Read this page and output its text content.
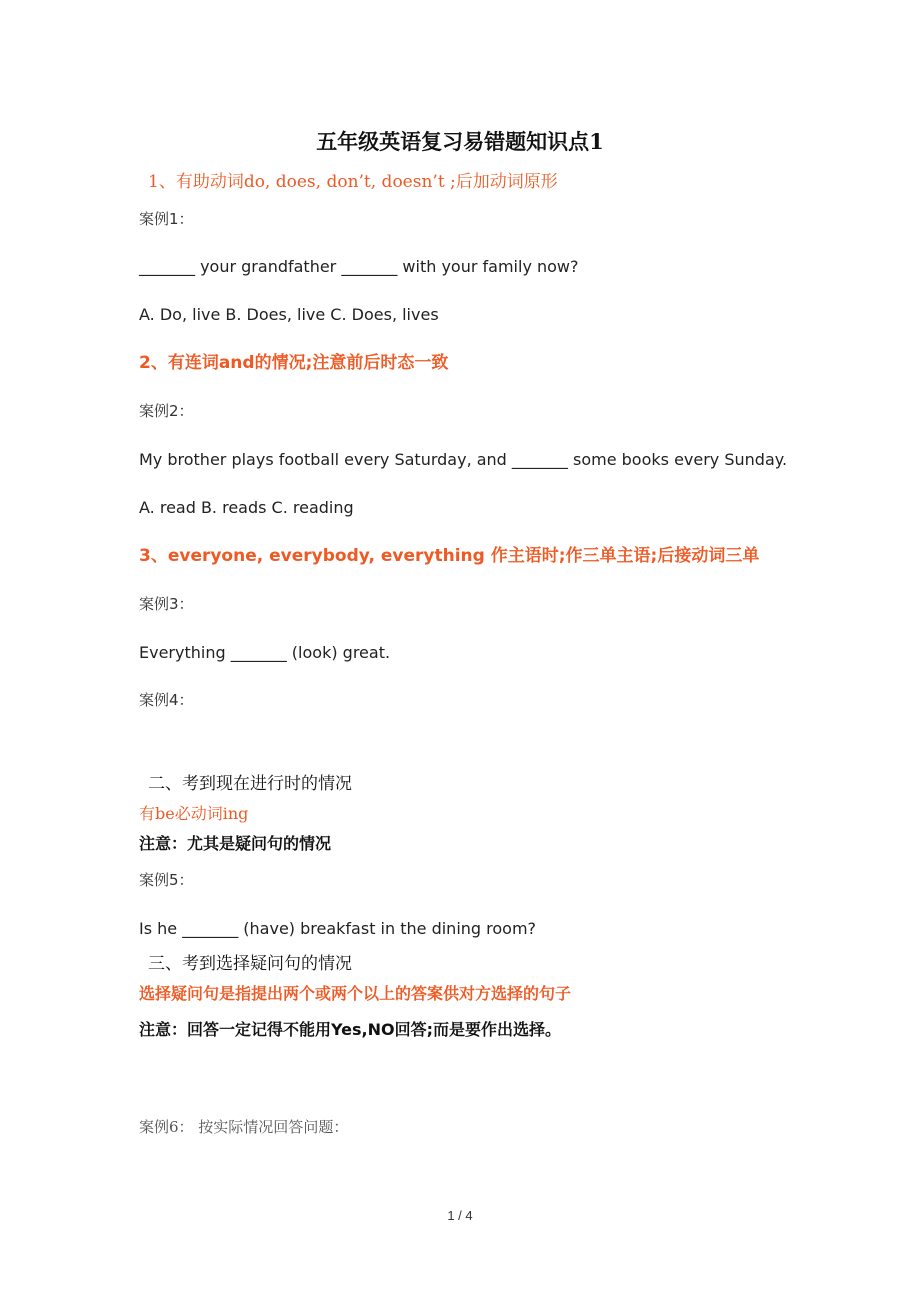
五年级英语复习易错题知识点1
1、有助动词do, does, don’t, doesn’t ;后加动词原形
案例1：
_______ your grandfather _______ with your family now?
A. Do, live B. Does, live C. Does, lives
2、有连词and的情况;注意前后时态一致
案例2：
My brother plays football every Saturday, and _______ some books every Sunday.
A. read B. reads C. reading
3、everyone, everybody, everything 作主语时;作三单主语;后接动词三单
案例3：
Everything _______ (look) great.
案例4：
二、考到现在进行时的情况
有be必动词ing
注意：尤其是疑问句的情况
案例5：
Is he _______ (have) breakfast in the dining room?
三、考到选择疑问句的情况
选择疑问句是指提出两个或两个以上的答案供对方选择的句子
注意：回答一定记得不能用Yes,NO回答;而是要作出选择。
案例6： 按实际情况回答问题：
1 / 4
